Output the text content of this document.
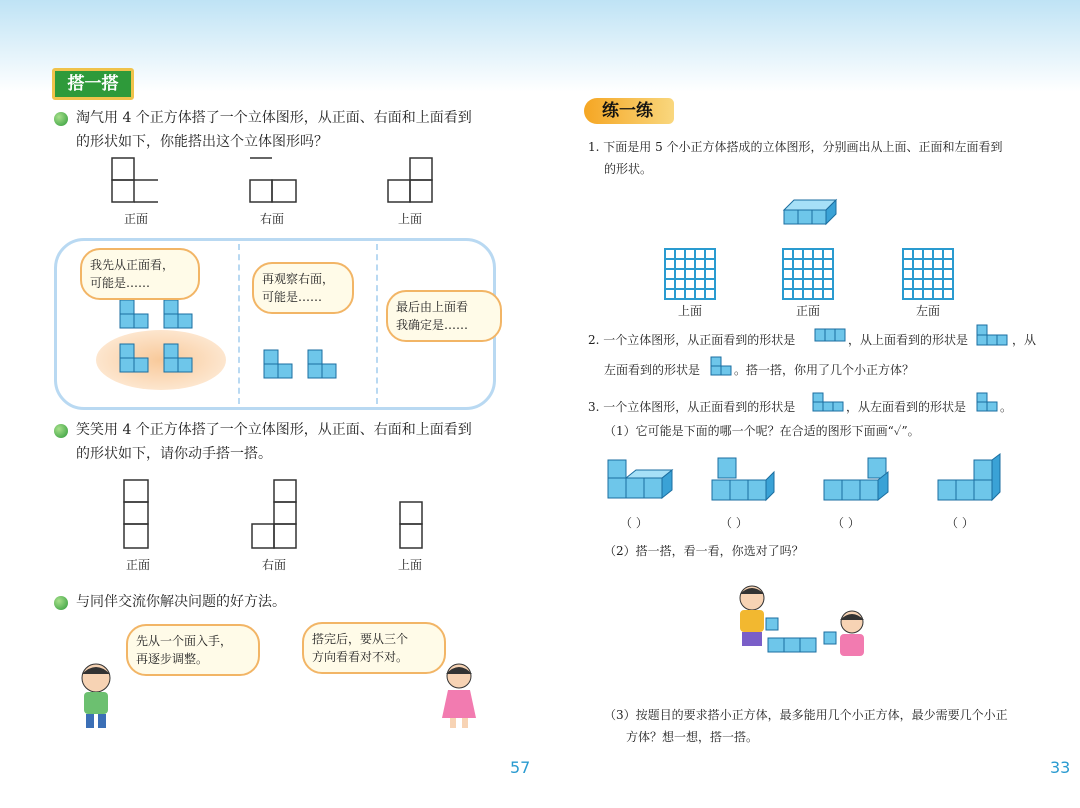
搭一搭
淘气用 4 个正方体搭了一个立体图形，从正面、右面和上面看到
的形状如下，你能搭出这个立体图形吗？
正面	右面	上面
我先从正面看，
可能是……	再观察右面，
可能是……
最后由上面看
我确定是……
笑笑用 4 个正方体搭了一个立体图形，从正面、右面和上面看到
的形状如下，请你动手搭一搭。
正面	右面	上面
与同伴交流你解决问题的好方法。
先从一个面入手，
再逐步调整。
搭完后，要从三个
方向看看对不对。
57
练一练
1. 下面是用 5 个小正方体搭成的立体图形，分别画出从上面、正面和左面看到
的形状。
上面	正面	左面
2. 一个立体图形，从正面看到的形状是	，从上面看到的形状是	，从
左面看到的形状是	。搭一搭，你用了几个小正方体？
3. 一个立体图形，从正面看到的形状是	，从左面看到的形状是	。
（1）它可能是下面的哪一个呢？在合适的图形下面画“✓”。
（ ）	（ ）	（ ）	（ ）
（2）搭一搭，看一看，你选对了吗？
（3）按题目的要求搭小正方体，最多能用几个小正方体，最少需要几个小正
方体？想一想，搭一搭。
33
